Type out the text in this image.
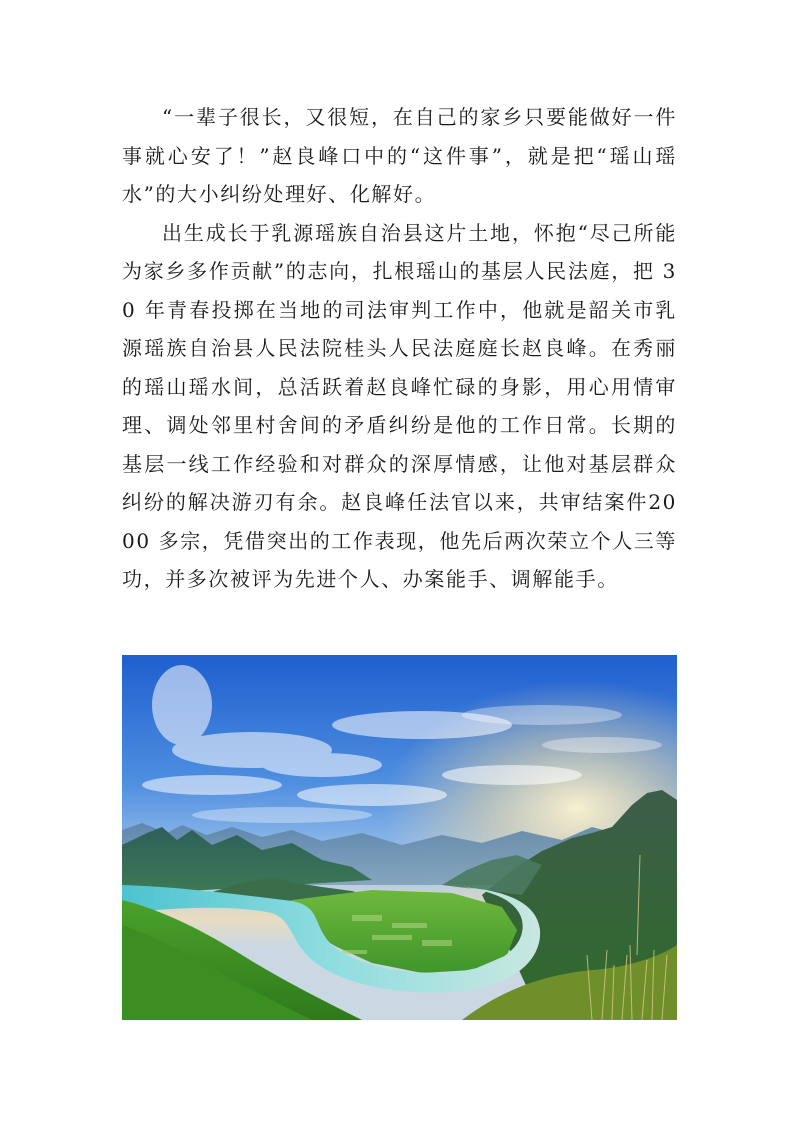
“一辈子很长，又很短，在自己的家乡只要能做好一件事就心安了！”赵良峰口中的“这件事”，就是把“瑶山瑶水”的大小纠纷处理好、化解好。

出生成长于乳源瑶族自治县这片土地，怀抱“尽己所能为家乡多作贡献”的志向，扎根瑶山的基层人民法庭，把 30 年青春投掷在当地的司法审判工作中，他就是韶关市乳源瑶族自治县人民法院桂头人民法庭庭长赵良峰。在秀丽的瑶山瑶水间，总活跃着赵良峰忙碌的身影，用心用情审理、调处邻里村舍间的矛盾纠纷是他的工作日常。长期的基层一线工作经验和对群众的深厚情感，让他对基层群众纠纷的解决游刃有余。赵良峰任法官以来，共审结案件2000 多宗，凭借突出的工作表现，他先后两次荣立个人三等功，并多次被评为先进个人、办案能手、调解能手。
